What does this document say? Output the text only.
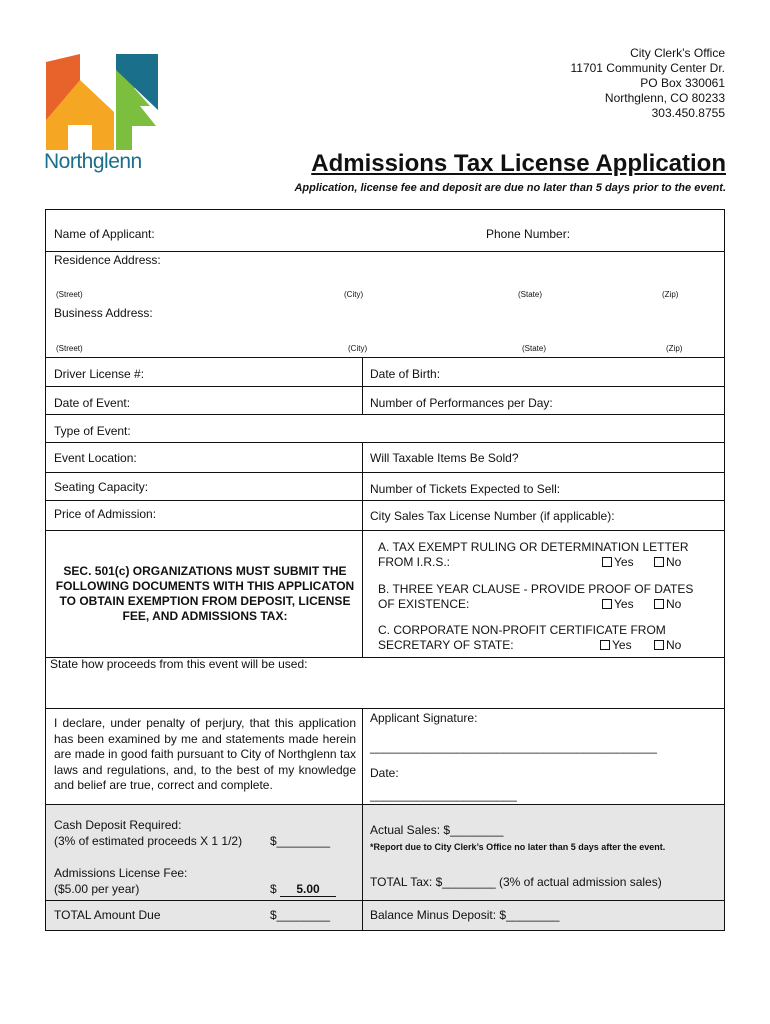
Northglenn
City Clerk’s Office
11701 Community Center Dr.
PO Box 330061
Northglenn, CO 80233
303.450.8755
Admissions Tax License Application
Application, license fee and deposit are due no later than 5 days prior to the event.
Name of Applicant:	Phone Number:
Residence Address:
(Street)	(City)	(State)	(Zip)
Business Address:
(Street)	(City)	(State)	(Zip)
Driver License #:	Date of Birth:
Date of Event:	Number of Performances per Day:
Type of Event:
Event Location:	Will Taxable Items Be Sold?
Seating Capacity:	Number of Tickets Expected to Sell:
Price of Admission:	City Sales Tax License Number (if applicable):
SEC. 501(c) ORGANIZATIONS MUST SUBMIT THE FOLLOWING DOCUMENTS WITH THIS APPLICATON TO OBTAIN EXEMPTION FROM DEPOSIT, LICENSE FEE, AND ADMISSIONS TAX:
A. TAX EXEMPT RULING OR DETERMINATION LETTER
FROM I.R.S.:	Yes	No
B. THREE YEAR CLAUSE - PROVIDE PROOF OF DATES
OF EXISTENCE:	Yes	No
C. CORPORATE NON-PROFIT CERTIFICATE FROM
SECRETARY OF STATE:	Yes	No
State how proceeds from this event will be used:
I declare, under penalty of perjury, that this application has been examined by me and statements made herein are made in good faith pursuant to City of Northglenn tax laws and regulations, and, to the best of my knowledge and belief are true, correct and complete.
Applicant Signature:
___________________________________________
Date:
______________________
Cash Deposit Required:
(3% of estimated proceeds X 1 1/2) $________
Admissions License Fee:
($5.00 per year)	$	5.00
TOTAL Amount Due	$________
Actual Sales: $________
*Report due to City Clerk’s Office no later than 5 days after the event.
TOTAL Tax: $________ (3% of actual admission sales)
Balance Minus Deposit: $________
